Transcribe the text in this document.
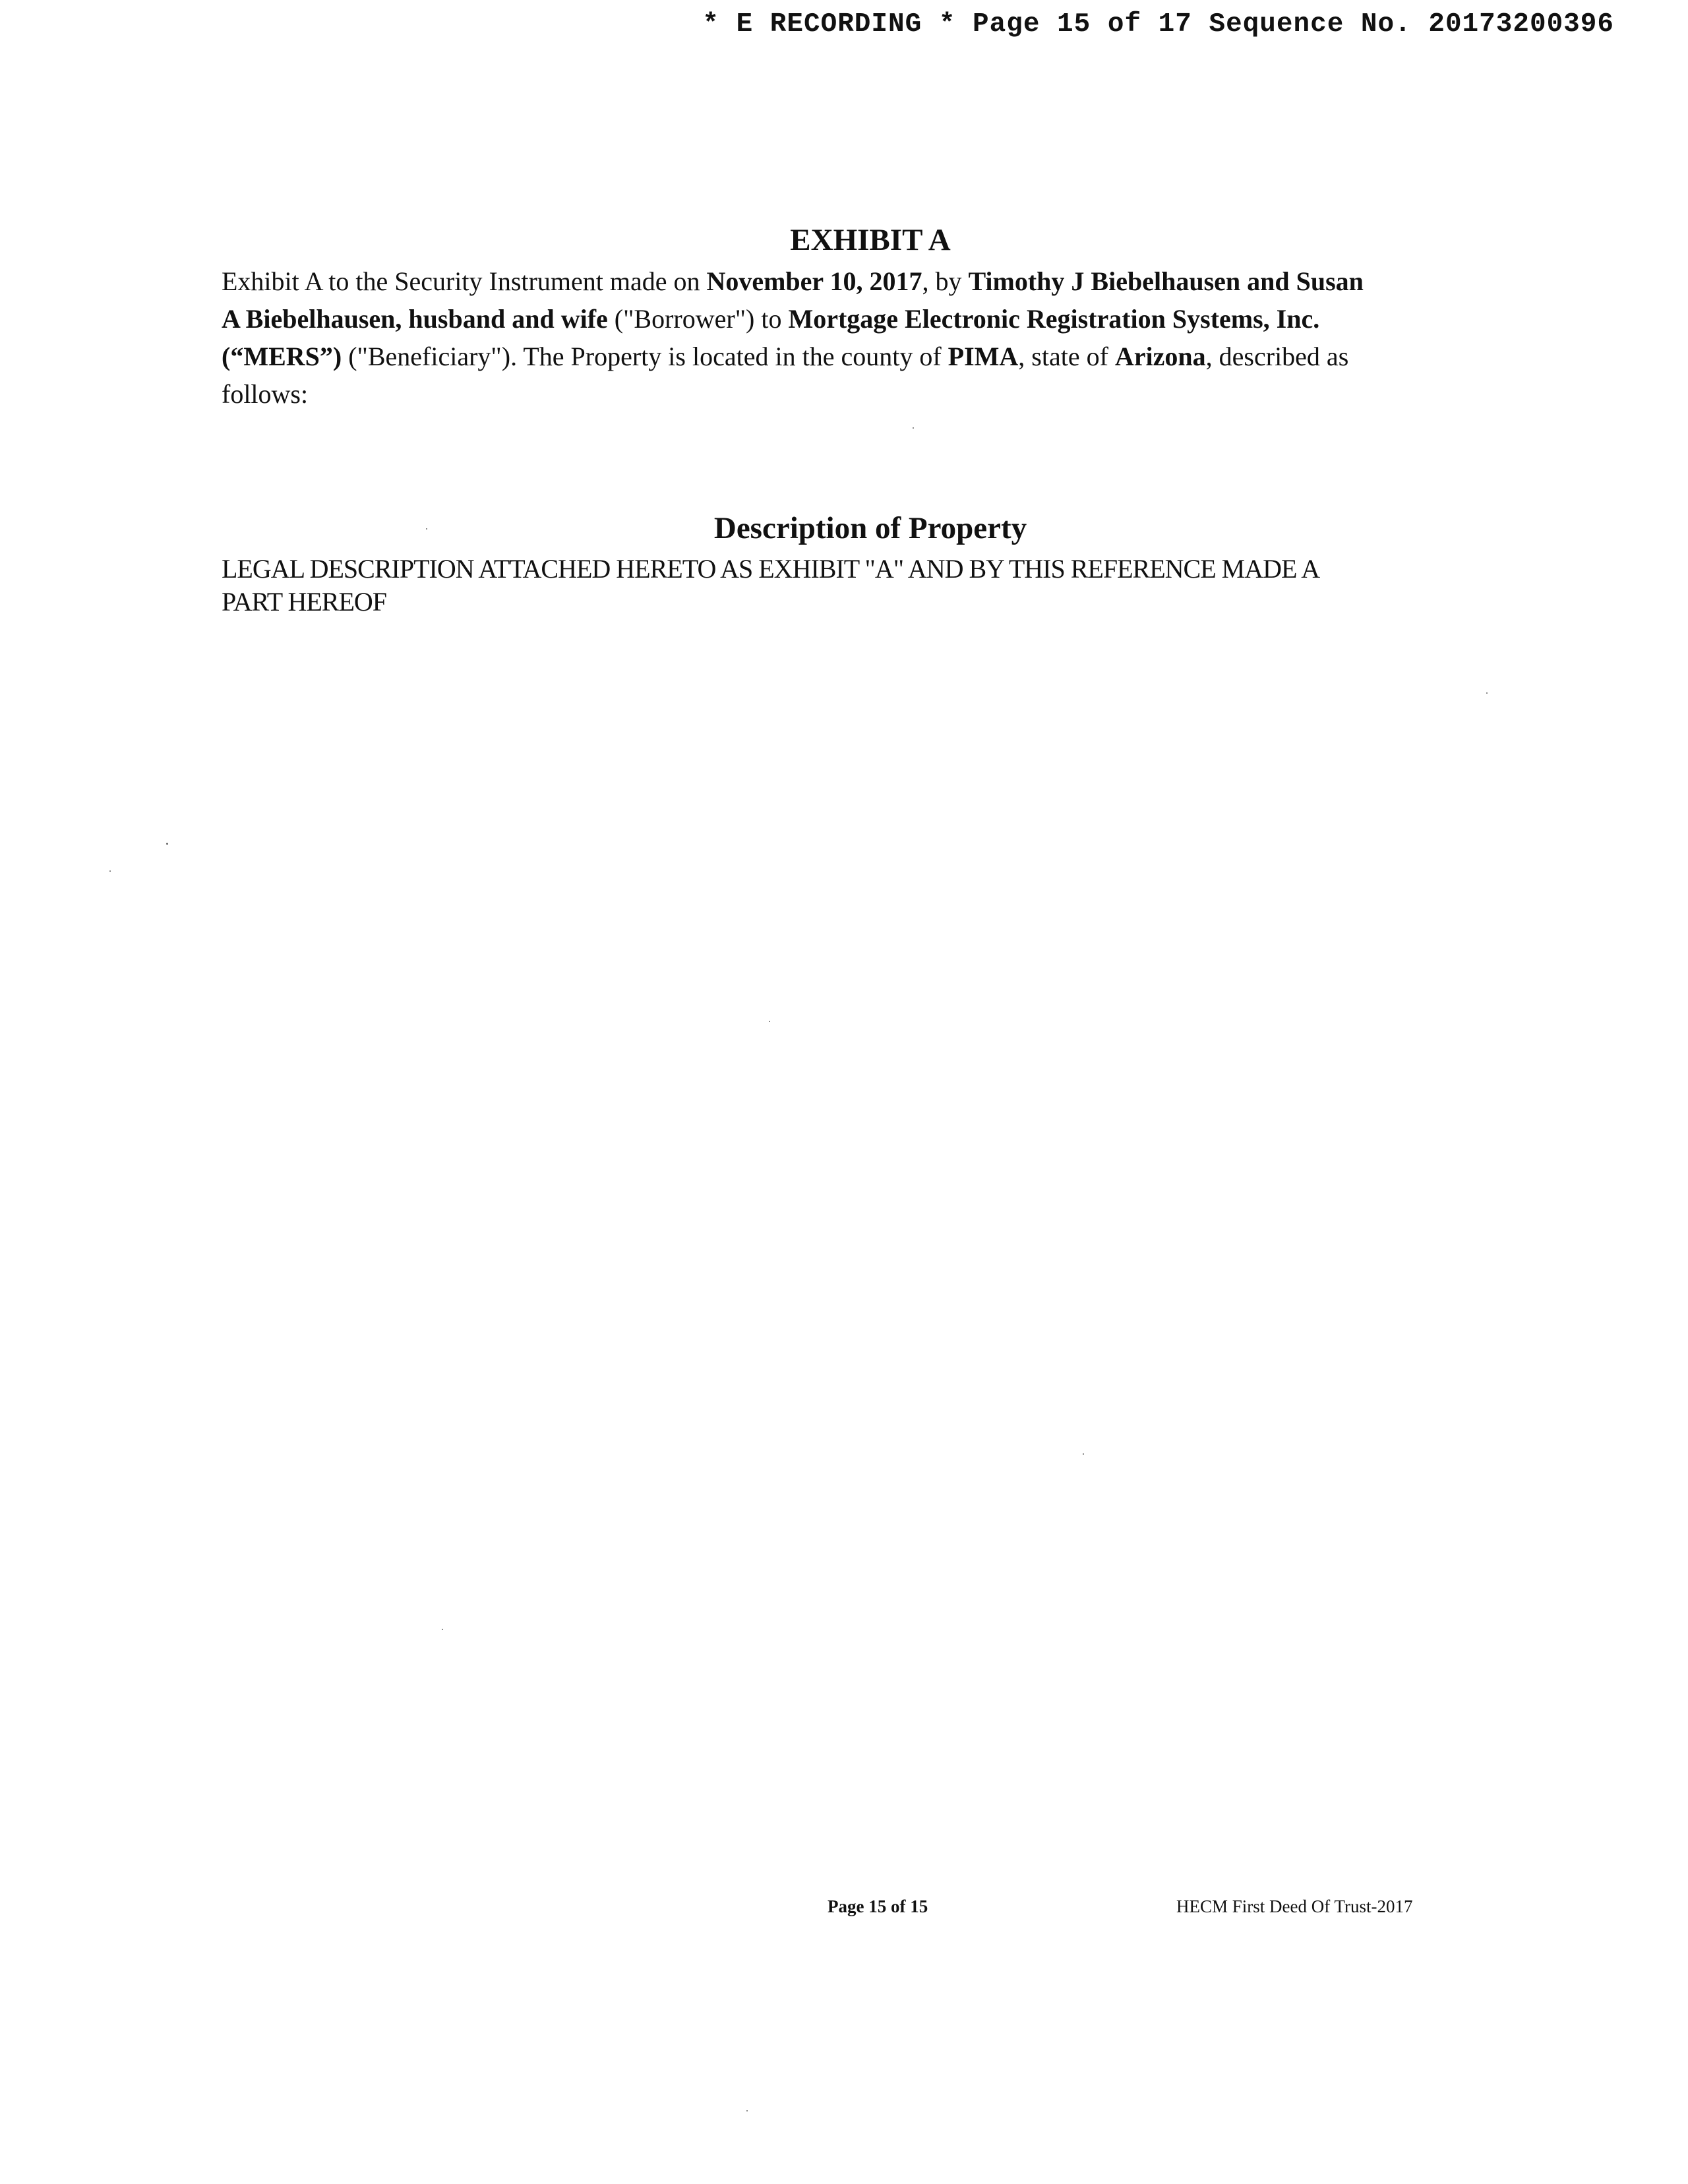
* E RECORDING * Page 15 of 17 Sequence No. 20173200396
EXHIBIT A
Exhibit A to the Security Instrument made on November 10, 2017, by Timothy J Biebelhausen and Susan A Biebelhausen, husband and wife ("Borrower") to Mortgage Electronic Registration Systems, Inc. (“MERS”) ("Beneficiary"). The Property is located in the county of PIMA, state of Arizona, described as follows:
Description of Property
LEGAL DESCRIPTION ATTACHED HERETO AS EXHIBIT "A" AND BY THIS REFERENCE MADE A PART HEREOF
Page 15 of 15	HECM First Deed Of Trust-2017
